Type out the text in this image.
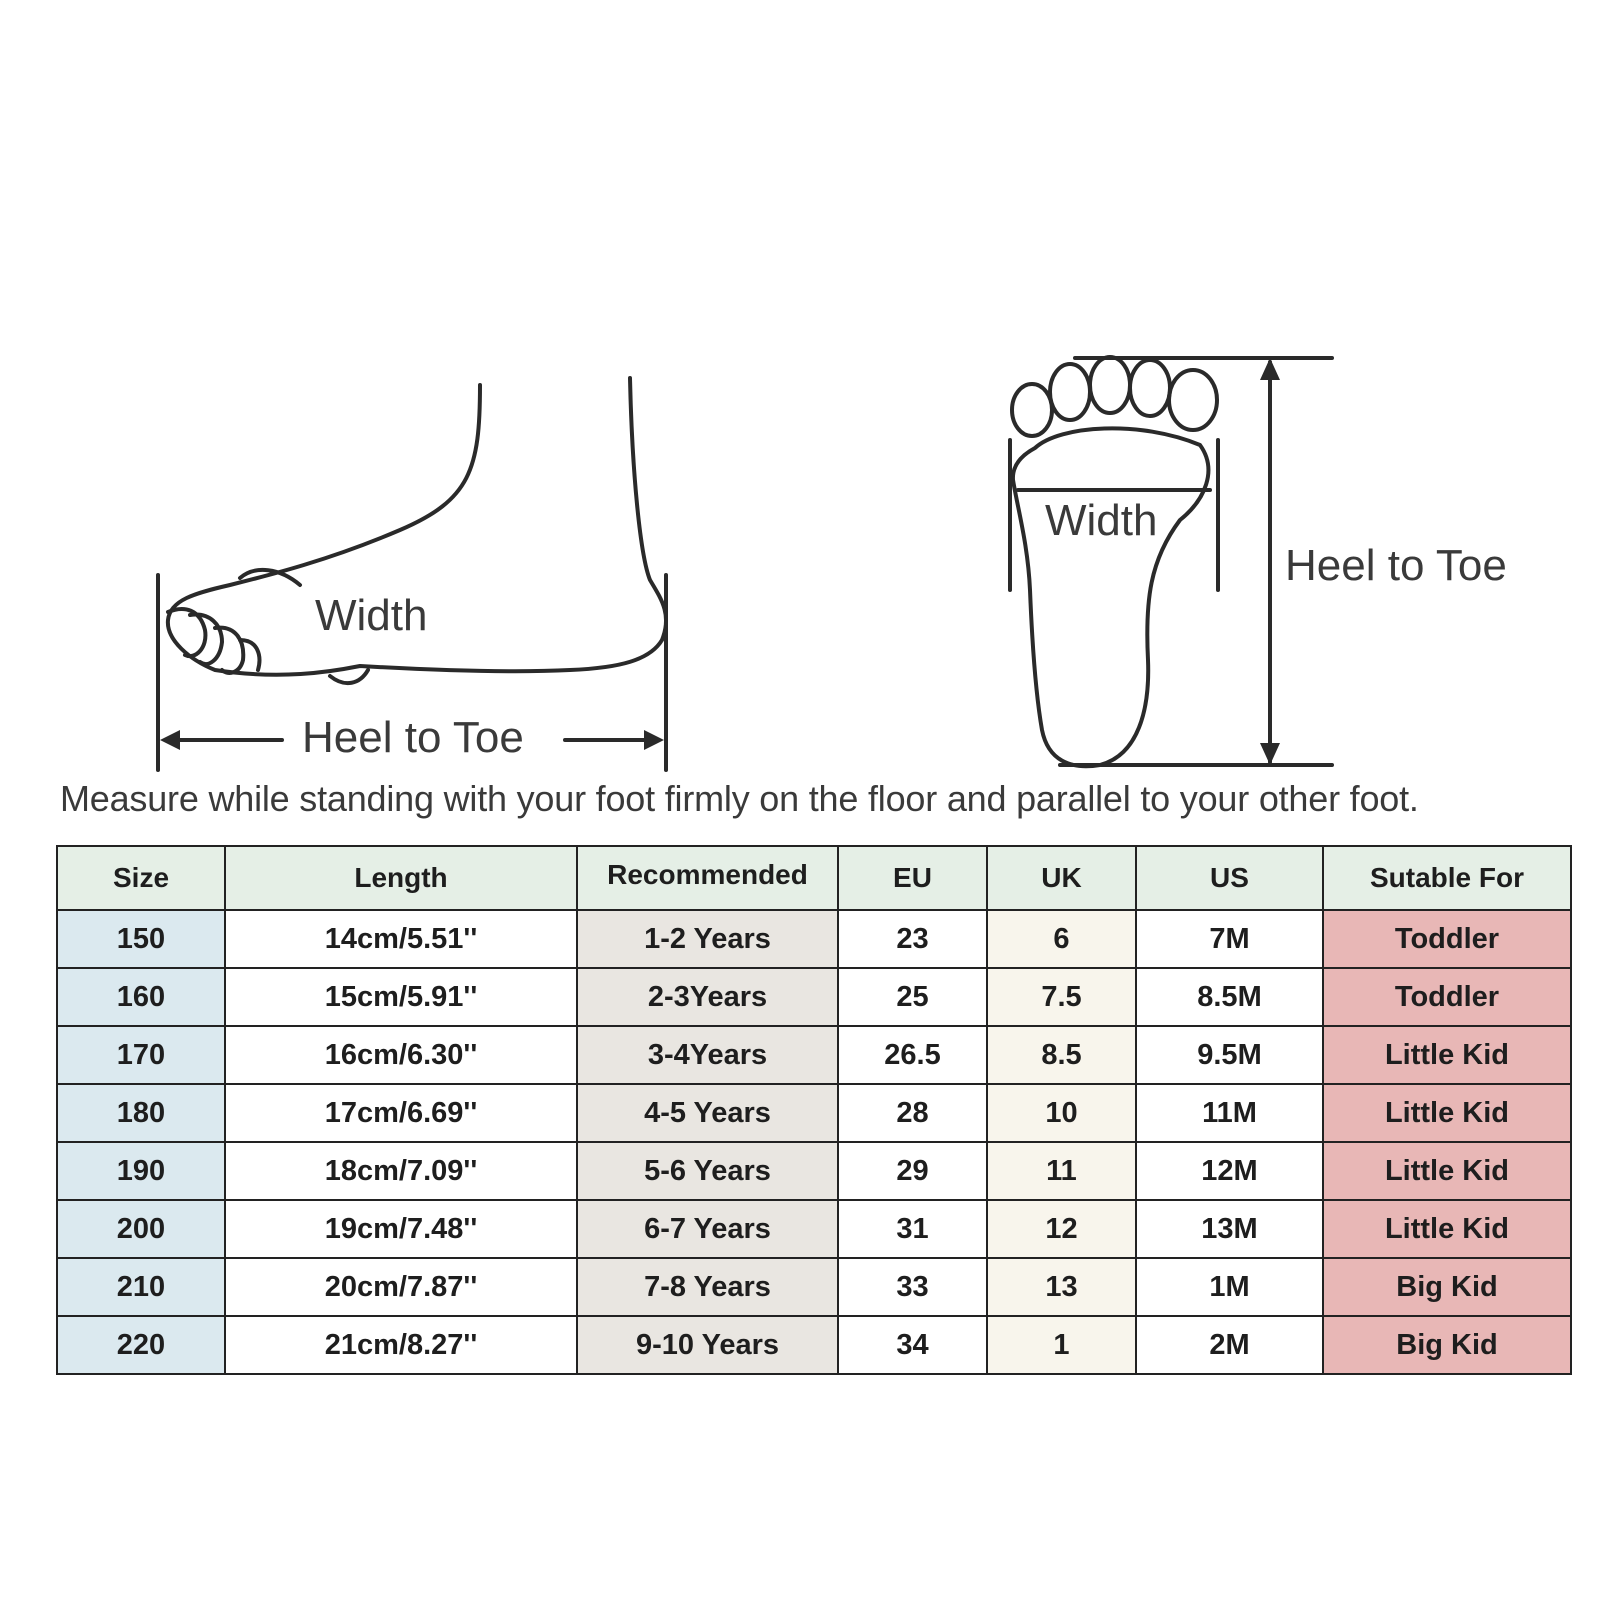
Width
Heel to Toe
Width
Heel to Toe
Measure while standing with your foot firmly on the floor and parallel to your other foot.
Size	Length	Recommended	EU	UK	US	Sutable For
150	14cm/5.51''	1-2 Years	23	6	7M	Toddler
160	15cm/5.91''	2-3Years	25	7.5	8.5M	Toddler
170	16cm/6.30''	3-4Years	26.5	8.5	9.5M	Little Kid
180	17cm/6.69''	4-5 Years	28	10	11M	Little Kid
190	18cm/7.09''	5-6 Years	29	11	12M	Little Kid
200	19cm/7.48''	6-7 Years	31	12	13M	Little Kid
210	20cm/7.87''	7-8 Years	33	13	1M	Big Kid
220	21cm/8.27''	9-10 Years	34	1	2M	Big Kid
